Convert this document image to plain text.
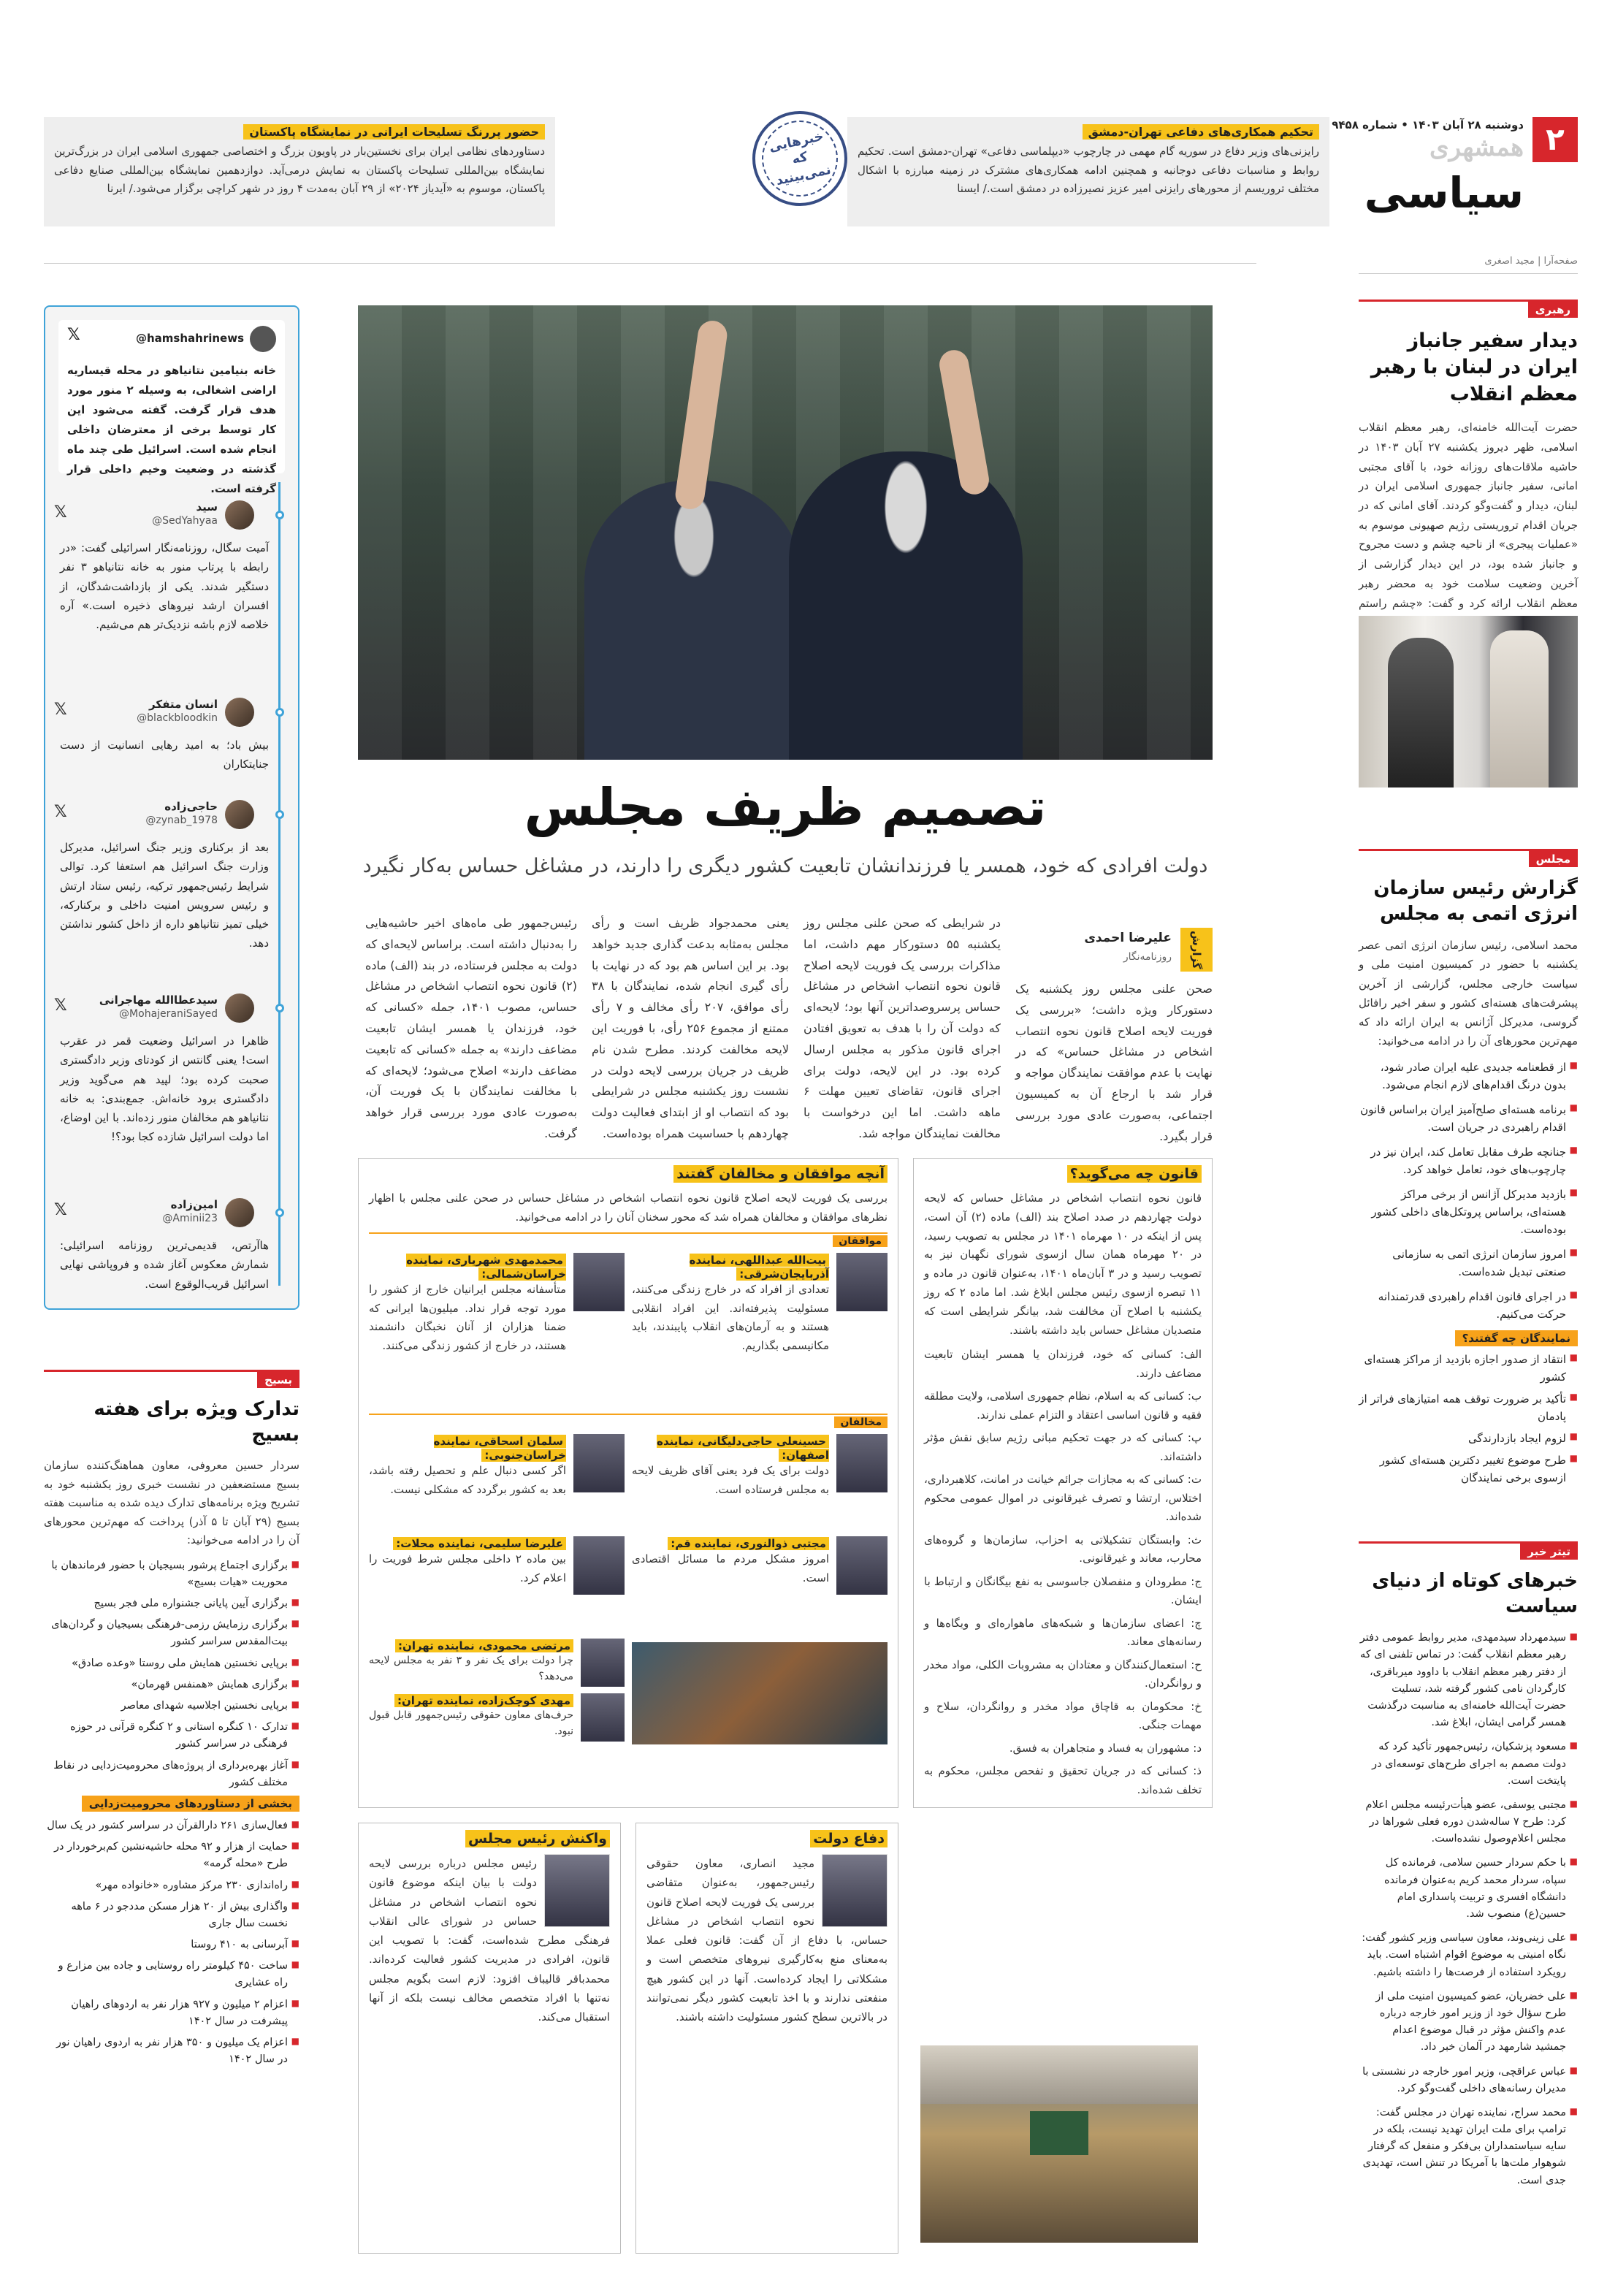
۲
دوشنبه ۲۸ آبان ۱۴۰۳ • شماره ۹۴۵۸
همشهری
سیاسی
صفحه‌آرا | مجید اصغری
تحکیم همکاری‌های دفاعی تهران-دمشق
رایزنی‌های وزیر دفاع در سوریه گام مهمی در چارچوب «دیپلماسی دفاعی» تهران-دمشق است. تحکیم روابط و مناسبات دفاعی دوجانبه و همچنین ادامه همکاری‌های مشترک در زمینه مبارزه با اشکال مختلف تروریسم از محورهای رایزنی امیر عزیز نصیرزاده در دمشق است./ ایسنا
خبرهایی که نمی‌بینید
حضور پررنگ تسلیحات ایرانی در نمایشگاه پاکستان
دستاوردهای نظامی ایران برای نخستین‌بار در پاویون بزرگ و اختصاصی جمهوری اسلامی ایران در بزرگ‌ترین نمایشگاه بین‌المللی تسلیحات پاکستان به نمایش درمی‌آید. دوازدهمین نمایشگاه بین‌المللی صنایع دفاعی پاکستان، موسوم به «آیدیاز ۲۰۲۴» از ۲۹ آبان به‌مدت ۴ روز در شهر کراچی برگزار می‌شود./ ایرنا
رهبری
دیدار سفیر جانباز ایران در لبنان با رهبر معظم انقلاب
حضرت آیت‌الله خامنه‌ای، رهبر معظم انقلاب اسلامی، ظهر دیروز یکشنبه ۲۷ آبان ۱۴۰۳ در حاشیه ملاقات‌های روزانه خود، با آقای مجتبی امانی، سفیر جانباز جمهوری اسلامی ایران در لبنان، دیدار و گفت‌وگو کردند. آقای امانی که در جریان اقدام تروریستی رژیم صهیونی موسوم به «عملیات پیجری» از ناحیه چشم و دست مجروح و جانباز شده بود، در این دیدار گزارشی از آخرین وضعیت سلامت خود به محضر رهبر معظم انقلاب ارائه کرد و گفت: «چشم راستم
مجلس
گزارش رئیس سازمان انرژی اتمی به مجلس
محمد اسلامی، رئیس سازمان انرژی اتمی عصر یکشنبه با حضور در کمیسیون امنیت ملی و سیاست خارجی مجلس، گزارشی از آخرین پیشرفت‌های هسته‌ای کشور و سفر اخیر رافائل گروسی، مدیرکل آژانس به ایران ارائه داد که مهم‌ترین محورهای آن را در ادامه می‌خوانید:
■ از قطعنامه جدیدی علیه ایران صادر شود، بدون درنگ اقدام‌های لازم انجام می‌شود.
■ برنامه هسته‌ای صلح‌آمیز ایران براساس قانون اقدام راهبردی در جریان است.
■ جنانچه طرف مقابل تعامل کند، ایران نیز در چارچوب‌های خود، تعامل خواهد کرد.
■ بازدید مدیرکل آژانس از برخی مراکز هسته‌ای، براساس پروتکل‌های داخلی کشور بوده‌است.
■ امروز سازمان انرژی اتمی به سازمانی صنعتی تبدیل شده‌است.
■ در اجرای قانون اقدام راهبردی قدرتمندانه حرکت می‌کنیم.
نمایندگان چه گفتند؟
■ انتقاد از صدور اجازه بازدید از مراکز هسته‌ای کشور
■ تأکید بر ضرورت توقف همه امتیازهای فراتر از پادمان
■ لزوم ایجاد بازدارندگی
■ طرح موضوع تغییر دکترین هسته‌ای کشور ازسوی برخی نمایندگان
تیتر خبر
خبرهای کوتاه از دنیای سیاست
■ سیدمهرداد سیدمهدی، مدیر روابط عمومی دفتر رهبر معظم انقلاب گفت: در تماس تلفنی ای که از دفتر رهبر معظم انقلاب با داوود میرباقری، کارگردان نامی کشور گرفته شد، تسلیت حضرت آیت‌الله خامنه‌ای به مناسبت درگذشت همسر گرامی ایشان، ابلاغ شد.
■ مسعود پزشکیان، رئیس‌جمهور تأکید کرد که دولت مصمم به اجرای طرح‌های توسعه‌ای در پایتخت است.
■ مجتبی یوسفی، عضو هیأت‌رئیسه مجلس اعلام کرد: طرح ۷ ساله‌شدن دوره فعلی شوراها در مجلس اعلام‌وصول نشده‌است.
■ با حکم سردار حسین سلامی، فرمانده کل سپاه، سردار محمد کریم به‌عنوان فرمانده دانشگاه افسری و تربیت پاسداری امام حسین(ع) منصوب شد.
■ علی زینی‌وند، معاون سیاسی وزیر کشور گفت: نگاه امنیتی به موضوع اقوام اشتباه است. باید رویکرد استفاده از فرصت‌ها را داشته باشیم.
■ علی خضریان، عضو کمیسیون امنیت ملی از طرح سؤال خود از وزیر امور خارجه درباره عدم واکنش مؤثر در قبال موضوع اعدام جمشید شارمهد در آلمان خبر داد.
■ عباس عراقچی، وزیر امور خارجه در نشستی با مدیران رسانه‌های داخلی گفت‌وگو کرد.
■ محمد سراج، نماینده تهران در مجلس گفت: ترامپ برای ملت ایران تهدید نیست، بلکه در سایه سیاستمداران بی‌فکر و منفعل که گرفتار شوهوار ملت‌ها با آمریکا در تنش است، تهدیدی جدی است.
تصمیم ظریف مجلس
دولت افرادی که خود، همسر یا فرزندانشان تابعیت کشور دیگری را دارند، در مشاغل حساس به‌کار نگیرد
گزارش
علیرضا احمدی
روزنامه‌نگار
صحن علنی مجلس روز یکشنبه یک دستورکار ویژه داشت؛ «بررسی یک فوریت لایحه اصلاح قانون نحوه انتصاب اشخاص در مشاغل حساس» که در نهایت با عدم موافقت نمایندگان مواجه و قرار شد با ارجاع آن به کمیسیون اجتماعی، به‌صورت عادی مورد بررسی قرار بگیرد.
در شرایطی که صحن علنی مجلس روز یکشنبه ۵۵ دستورکار مهم داشت، اما مذاکرات بررسی یک فوریت لایحه اصلاح قانون نحوه انتصاب اشخاص در مشاغل حساس پرسروصداترین آنها بود؛ لایحه‌ای که دولت آن را با هدف به تعویق افتادن اجرای قانون مذکور به مجلس ارسال کرده بود. در این لایحه، دولت برای اجرای قانون، تقاضای تعیین مهلت ۶ ماهه داشت. اما این درخواست با مخالفت نمایندگان مواجه شد.
یعنی محمدجواد ظریف است و رأی مجلس به‌مثابه بدعت گذاری جدید خواهد بود. بر این اساس هم بود که در نهایت با رأی گیری انجام شده، نمایندگان با ۳۸ رأی موافق، ۲۰۷ رأی مخالف و ۷ رأی ممتنع از مجموع ۲۵۶ رأی، با فوریت این لایحه مخالفت کردند. مطرح شدن نام ظریف در جریان بررسی لایحه دولت در نشست روز یکشنبه مجلس در شرایطی بود که انتصاب او از ابتدای فعالیت دولت چهاردهم با حساسیت همراه بوده‌است.
رئیس‌جمهور طی ماه‌های اخیر حاشیه‌هایی را به‌دنبال داشته است. براساس لایحه‌ای که دولت به مجلس فرستاده، در بند (الف) ماده (۲) قانون نحوه انتصاب اشخاص در مشاغل حساس، مصوب ۱۴۰۱، جمله «کسانی که خود، فرزندان یا همسر ایشان تابعیت مضاعف دارند» به جمله «کسانی که تابعیت مضاعف دارند» اصلاح می‌شود؛ لایحه‌ای که با مخالفت نمایندگان با یک فوریت آن، به‌صورت عادی مورد بررسی قرار خواهد گرفت.
قانون چه می‌گوید؟
قانون نحوه انتصاب اشخاص در مشاغل حساس که لایحه دولت چهاردهم در صدد اصلاح بند (الف) ماده (۲) آن است، پس از اینکه در ۱۰ مهرماه ۱۴۰۱ در مجلس به تصویب رسید، در ۲۰ مهرماه همان سال ازسوی شورای نگهبان نیز به تصویب رسید و در ۳ آبان‌ماه ۱۴۰۱، به‌عنوان قانون در ماده و ۱۱ تبصره ازسوی رئیس مجلس ابلاغ شد. اما ماده ۲ که روز یکشنبه با اصلاح آن مخالفت شد، بیانگر شرایطی است که متصدیان مشاغل حساس باید داشته باشند.
الف: کسانی که خود، فرزندان یا همسر ایشان تابعیت مضاعف دارند.
ب: کسانی که به اسلام، نظام جمهوری اسلامی، ولایت مطلقه فقیه و قانون اساسی اعتقاد و التزام عملی ندارند.
پ: کسانی که در جهت تحکیم مبانی رژیم سابق نقش مؤثر داشته‌اند.
ت: کسانی که به مجازات جرائم خیانت در امانت، کلاهبرداری، اختلاس، ارتشا و تصرف غیرقانونی در اموال عمومی محکوم شده‌اند.
ث: وابستگان تشکیلاتی به احزاب، سازمان‌ها و گروه‌های محارب، معاند و غیرقانونی.
ج: مطرودان و منفصلان جاسوسی به نفع بیگانگان و ارتباط با ایشان.
چ: اعضای سازمان‌ها و شبکه‌های ماهواره‌ای و ویگاه‌ها و رسانه‌های معاند.
ح: استعمال‌کنندگان و معتادان به مشروبات الکلی، مواد مخدر و روانگردان.
خ: محکومان به قاچاق مواد مخدر و روانگردان، سلاح و مهمات جنگی.
د: مشهوران به فساد و متجاهران به فسق.
ذ: کسانی که در جریان تحقیق و تفحص مجلس، محکوم به تخلف شده‌اند.
آنچه موافقان و مخالفان گفتند
بررسی یک فوریت لایحه اصلاح قانون نحوه انتصاب اشخاص در مشاغل حساس در صحن علنی مجلس با اظهار نظرهای موافقان و مخالفان همراه شد که محور سخنان آنان را در ادامه می‌خوانید.
موافقان
بیت‌الله عبداللهی، نماینده آذربایجان‌شرقی:
تعدادی از افراد که در خارج زندگی می‌کنند، مسئولیت پذیرفته‌اند. این افراد انقلابی هستند و به آرمان‌های انقلاب پایبندند، باید مکانیسمی بگذاریم.
محمدمهدی شهریاری، نماینده خراسان‌شمالی:
متأسفانه مجلس ایرانیان خارج از کشور را مورد توجه قرار نداد. میلیون‌ها ایرانی که ضمنا هزاران از آنان نخبگان دانشمند هستند، در خارج از کشور زندگی می‌کنند.
مخالفان
حسینعلی حاجی‌دلیگانی، نماینده اصفهان:
دولت برای یک فرد یعنی آقای ظریف لایحه به مجلس فرستاده است.
سلمان اسحاقی، نماینده خراسان‌جنوبی:
اگر کسی دنبال علم و تحصیل رفته باشد، بعد به کشور برگردد که مشکلی نیست.
مجتبی ذوالنوری، نماینده قم:
امروز مشکل مردم ما مسائل اقتصادی است.
علیرضا سلیمی، نماینده محلات:
بین ماده ۲ داخلی مجلس شرط فوریت را اعلام کرد.
مرتضی محمودی، نماینده تهران:
چرا دولت برای یک نفر و ۳ نفر به مجلس لایحه می‌دهد؟
مهدی کوچک‌زاده، نماینده تهران:
حرف‌های معاون حقوقی رئیس‌جمهور قابل قبول نبود.
دفاع دولت
مجید انصاری، معاون حقوقی رئیس‌جمهور، به‌عنوان متقاضی بررسی یک فوریت لایحه اصلاح قانون نحوه انتصاب اشخاص در مشاغل حساس، با دفاع از آن گفت: قانون فعلی عملا به‌معنای منع به‌کارگیری نیروهای متخصص است و مشکلاتی را ایجاد کرده‌است. آنها در این کشور هیچ منفعتی ندارند و با اخذ تابعیت کشور دیگر نمی‌توانند در بالاترین سطح کشور مسئولیت داشته باشند.
واکنش رئیس مجلس
رئیس مجلس درباره بررسی لایحه دولت با بیان اینکه موضوع قانون نحوه انتصاب اشخاص در مشاغل حساس در شورای عالی انقلاب فرهنگی مطرح شده‌است، گفت: با تصویب این قانون، افرادی در مدیریت کشور فعالیت کرده‌اند. محمدباقر قالیباف افزود: لازم است بگویم مجلس نه‌تنها با افراد متخصص مخالف نیست بلکه از آنها استقبال می‌کند.
𝕏	@hamshahrinews
خانه بنیامین نتانیاهو در محله قیساریه اراضی اشغالی، به وسیله ۲ منور مورد هدف قرار گرفت. گفته می‌شود این کار توسط برخی از معترضان داخلی انجام شده است. اسرائیل طی چند ماه گذشته در وضعیت وخیم داخلی قرار گرفته است.
سید
@SedYahyaa
𝕏
آمیت سگال، روزنامه‌نگار اسرائیلی گفت: «در رابطه با پرتاب منور به خانه نتانیاهو ۳ نفر دستگیر شدند. یکی از بازداشت‌شدگان، از افسران ارشد نیروهای ذخیره است.» آره خلاصه لازم باشه نزدیک‌تر هم می‌شیم.
انسان متفکر
@blackbloodkin
𝕏
بیش باد؛ به امید رهایی انسانیت از دست جنایتکاران
حاجی‌زاده
@zynab_1978
𝕏
بعد از برکناری وزیر جنگ اسرائیل، مدیرکل وزارت جنگ اسرائیل هم استعفا کرد. توالی شرایط رئیس‌جمهور ترکیه، رئیس ستاد ارتش و رئیس سرویس امنیت داخلی و برکنارکه، خیلی تمیز نتانیاهو داره از داخل کشور نداشتن دهد.
سیدعطاالله مهاجرانی
@MohajeraniSayed
𝕏
ظاهرا در اسرائیل وضعیت قمر در عقرب است! یعنی گانتس از کودتای وزیر دادگستری صحبت کرده بود؛ لپید هم می‌گوید وزیر دادگستری برود خانه‌اش. جمع‌بندی: به خانه نتانیاهو هم مخالفان منور زده‌اند. با این اوضاع، اما دولت اسرائیل شازده کجا بود؟!
امین‌زاده
@Aminii23
𝕏
هاآرتص، قدیمی‌ترین روزنامه اسرائیلی: شمارش معکوس آغاز شده و فروپاشی نهایی اسرائیل قریب‌الوقوع است.
بسیج
تدارک ویژه برای هفته بسیج
سردار حسین معروفی، معاون هماهنگ‌کننده سازمان بسیج مستضعفین در نشست خبری روز یکشنبه خود به تشریح ویژه برنامه‌های تدارک دیده شده به مناسبت هفته بسیج (۲۹ آبان تا ۵ آذر) پرداخت که مهم‌ترین محورهای آن را در ادامه می‌خوانید:
■ برگزاری اجتماع پرشور بسیجیان با حضور فرماندهان با محوریت «هیات بسیج»
■ برگزاری آیین پایانی جشنواره ملی فجر بسیج
■ برگزاری رزمایش رزمی-فرهنگی بسیجیان و گردان‌های بیت‌المقدس سراسر کشور
■ برپایی نخستین همایش ملی روستا «وعده صادق»
■ برگزاری همایش «همنفس قهرمان»
■ برپایی نخستین اجلاسیه شهدای معاصر
■ تدارک ۱۰ کنگره استانی و ۲ کنگره قرآنی در حوزه فرهنگی در سراسر کشور
■ آغاز بهره‌برداری از پروژه‌های محرومیت‌زدایی در نقاط مختلف کشور
بخشی از دستاوردهای محرومیت‌زدایی
■ فعال‌سازی ۲۶۱ دارالقرآن در سراسر کشور در یک سال
■ حمایت از هزار و ۹۲ محله حاشیه‌نشین کم‌برخوردار در طرح «محله گرمه»
■ راه‌اندازی ۲۳۰ مرکز مشاوره «خانواده مهر»
■ واگذاری بیش از ۲۰ هزار مسکن مددجو در ۶ ماهه نخست سال جاری
■ آبرسانی به ۴۱۰ روستا
■ ساخت ۴۵۰ کیلومتر راه روستایی و جاده بین مزارع و راه عشایری
■ اعزام ۲ میلیون و ۹۲۷ هزار نفر به اردوهای راهیان پیشرفت در سال ۱۴۰۲
■ اعزام یک میلیون و ۳۵۰ هزار نفر به اردوی راهیان نور در سال ۱۴۰۲
